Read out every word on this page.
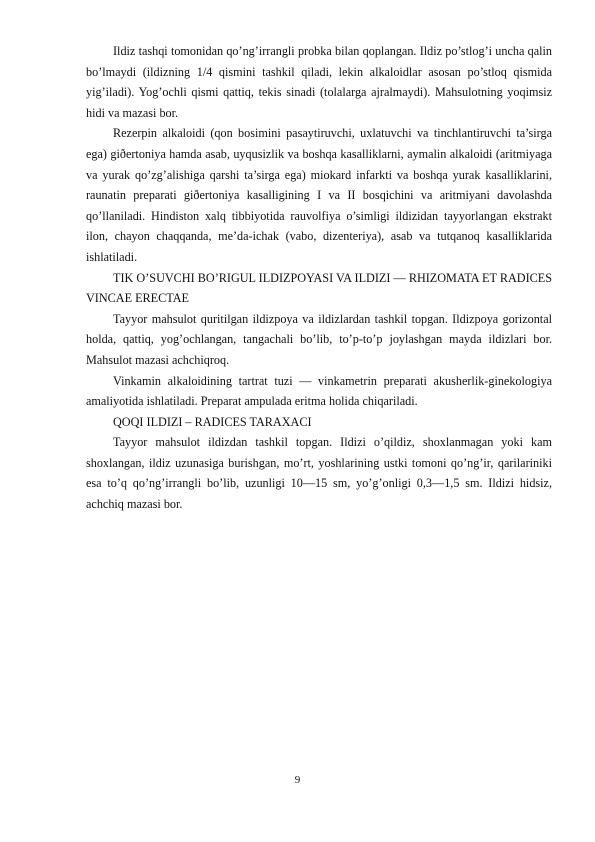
Ildiz tashqi tomonidan qo’ng’irrangli probka bilan qoplangan. Ildiz po’stlog’i uncha qalin bo’lmaydi (ildizning 1/4 qismini tashkil qiladi, lekin alkaloidlar asosan po’stloq qismida yig’iladi). Yog’ochli qismi qattiq, tekis sinadi (tolalarga ajralmaydi). Mahsulotning yoqimsiz hidi va mazasi bor.

Rezerpin alkaloidi (qon bosimini pasaytiruvchi, uxlatuvchi va tinchlantiruvchi ta’sirga ega) giðertoniya hamda asab, uyqusizlik va boshqa kasalliklarni, aymalin alkaloidi (aritmiyaga va yurak qo’zg’alishiga qarshi ta’sirga ega) miokard infarkti va boshqa yurak kasalliklarini, raunatin preparati giðertoniya kasalligining I va II bosqichini va aritmiyani davolashda qo’llaniladi. Hindiston xalq tibbiyotida rauvolfiya o’simligi ildizidan tayyorlangan ekstrakt ilon, chayon chaqqanda, me’da-ichak (vabo, dizenteriya), asab va tutqanoq kasalliklarida ishlatiladi.

TIK O’SUVCHI BO’RIGUL ILDIZPOYASI VA ILDIZI — RHIZOMATA ET RADICES VINCAE ERECTAE

Tayyor mahsulot quritilgan ildizpoya va ildizlardan tashkil topgan. Ildizpoya gorizontal holda, qattiq, yog’ochlangan, tangachali bo’lib, to’p-to’p joylashgan mayda ildizlari bor. Mahsulot mazasi achchiqroq.

Vinkamin alkaloidining tartrat tuzi — vinkametrin preparati akusherlik-ginekologiya amaliyotida ishlatiladi. Preparat ampulada eritma holida chiqariladi.

QOQI ILDIZI – RADICES TARAXACI

Tayyor mahsulot ildizdan tashkil topgan. Ildizi o’qildiz, shoxlanmagan yoki kam shoxlangan, ildiz uzunasiga burishgan, mo’rt, yoshlarining ustki tomoni qo’ng’ir, qarilariniki esa to’q qo’ng’irrangli bo’lib, uzunligi 10—15 sm, yo’g’onligi 0,3—1,5 sm. Ildizi hidsiz, achchiq mazasi bor.

9
